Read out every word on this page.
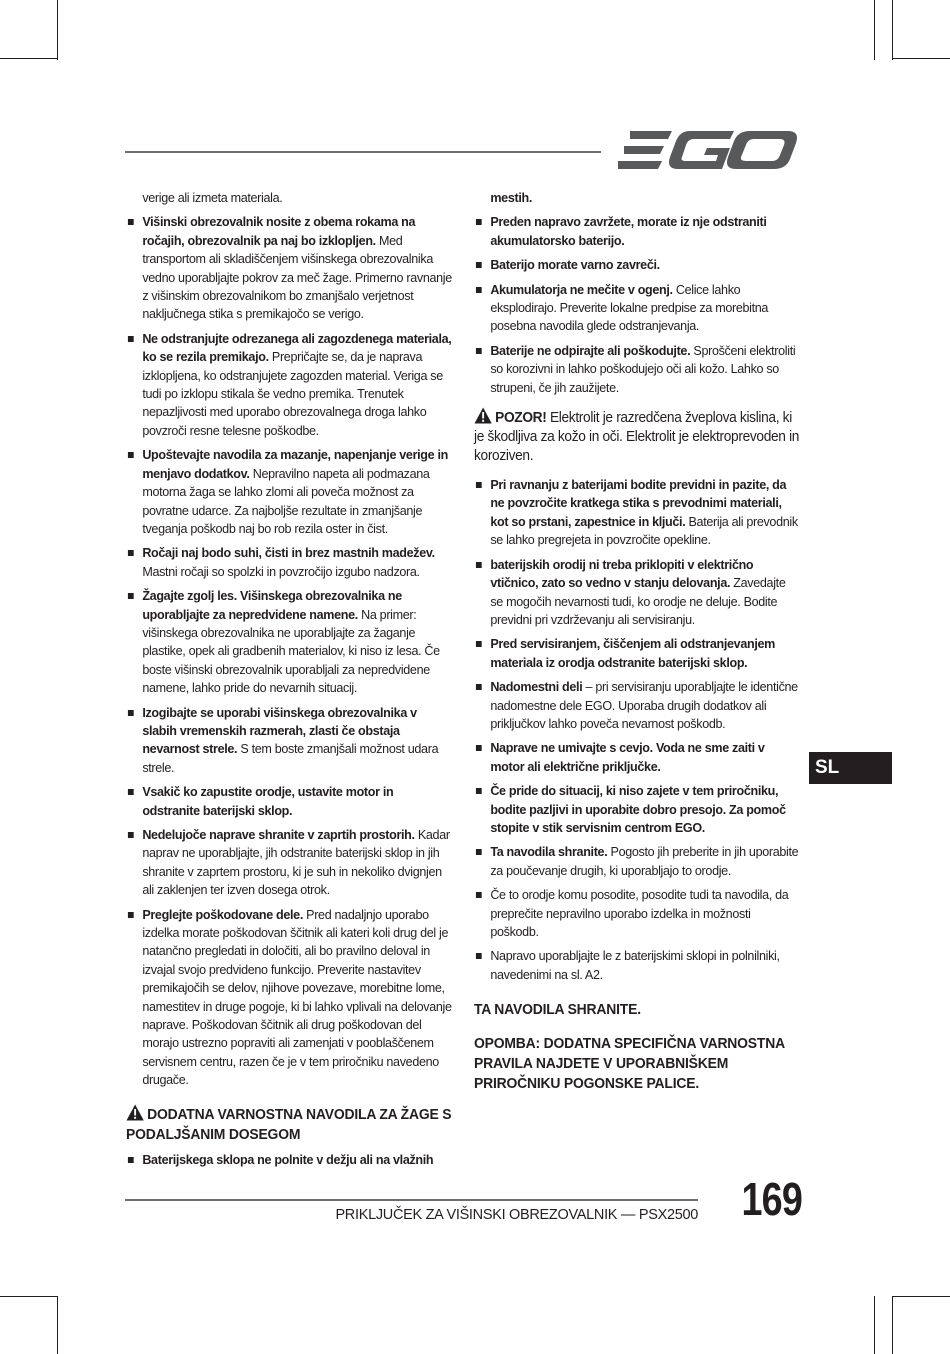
verige ali izmeta materiala.
Višinski obrezovalnik nosite z obema rokama na ročajih, obrezovalnik pa naj bo izklopljen. Med transportom ali skladiščenjem višinskega obrezovalnika vedno uporabljajte pokrov za meč žage. Primerno ravnanje z višinskim obrezovalnikom bo zmanjšalo verjetnost naključnega stika s premikajočo se verigo.
Ne odstranjujte odrezanega ali zagozdenega materiala, ko se rezila premikajo. Prepričajte se, da je naprava izklopljena, ko odstranjujete zagozden material. Veriga se tudi po izklopu stikala še vedno premika. Trenutek nepazljivosti med uporabo obrezovalnega droga lahko povzroči resne telesne poškodbe.
Upoštevajte navodila za mazanje, napenjanje verige in menjavo dodatkov. Nepravilno napeta ali podmazana motorna žaga se lahko zlomi ali poveča možnost za povratne udarce. Za najboljše rezultate in zmanjšanje tveganja poškodb naj bo rob rezila oster in čist.
Ročaji naj bodo suhi, čisti in brez mastnih madežev. Mastni ročaji so spolzki in povzročijo izgubo nadzora.
Žagajte zgolj les. Višinskega obrezovalnika ne uporabljajte za nepredvidene namene. Na primer: višinskega obrezovalnika ne uporabljajte za žaganje plastike, opek ali gradbenih materialov, ki niso iz lesa. Če boste višinski obrezovalnik uporabljali za nepredvidene namene, lahko pride do nevarnih situacij.
Izogibajte se uporabi višinskega obrezovalnika v slabih vremenskih razmerah, zlasti če obstaja nevarnost strele. S tem boste zmanjšali možnost udara strele.
Vsakič ko zapustite orodje, ustavite motor in odstranite baterijski sklop.
Nedelujoče naprave shranite v zaprtih prostorih. Kadar naprav ne uporabljajte, jih odstranite baterijski sklop in jih shranite v zaprtem prostoru, ki je suh in nekoliko dvignjen ali zaklenjen ter izven dosega otrok.
Preglejte poškodovane dele. Pred nadaljnjo uporabo izdelka morate poškodovan ščitnik ali kateri koli drug del je natančno pregledati in določiti, ali bo pravilno deloval in izvajal svojo predvideno funkcijo. Preverite nastavitev premikajočih se delov, njihove povezave, morebitne lome, namestitev in druge pogoje, ki bi lahko vplivali na delovanje naprave. Poškodovan ščitnik ali drug poškodovan del morajo ustrezno popraviti ali zamenjati v pooblaščenem servisnem centru, razen če je v tem priročniku navedeno drugače.
DODATNA VARNOSTNA NAVODILA ZA ŽAGE S PODALJŠANIM DOSEGOM
Baterijskega sklopa ne polnite v dežju ali na vlažnih
mestih.
Preden napravo zavržete, morate iz nje odstraniti akumulatorsko baterijo.
Baterijo morate varno zavreči.
Akumulatorja ne mečite v ogenj. Celice lahko eksplodirajo. Preverite lokalne predpise za morebitna posebna navodila glede odstranjevanja.
Baterije ne odpirajte ali poškodujte. Sproščeni elektroliti so korozivni in lahko poškodujejo oči ali kožo. Lahko so strupeni, če jih zaužijete.
POZOR! Elektrolit je razredčena žveplova kislina, ki je škodljiva za kožo in oči. Elektrolit je elektroprevoden in koroziven.
Pri ravnanju z baterijami bodite previdni in pazite, da ne povzročite kratkega stika s prevodnimi materiali, kot so prstani, zapestnice in ključi. Baterija ali prevodnik se lahko pregrejeta in povzročite opekline.
baterijskih orodij ni treba priklopiti v električno vtičnico, zato so vedno v stanju delovanja. Zavedajte se mogočih nevarnosti tudi, ko orodje ne deluje. Bodite previdni pri vzdrževanju ali servisiranju.
Pred servisiranjem, čiščenjem ali odstranjevanjem materiala iz orodja odstranite baterijski sklop.
Nadomestni deli – pri servisiranju uporabljajte le identične nadomestne dele EGO. Uporaba drugih dodatkov ali priključkov lahko poveča nevarnost poškodb.
Naprave ne umivajte s cevjo. Voda ne sme zaiti v motor ali električne priključke.
Če pride do situacij, ki niso zajete v tem priročniku, bodite pazljivi in uporabite dobro presojo. Za pomoč stopite v stik servisnim centrom EGO.
Ta navodila shranite. Pogosto jih preberite in jih uporabite za poučevanje drugih, ki uporabljajo to orodje.
Če to orodje komu posodite, posodite tudi ta navodila, da preprečite nepravilno uporabo izdelka in možnosti poškodb.
Napravo uporabljajte le z baterijskimi sklopi in polnilniki, navedenimi na sl. A2.
TA NAVODILA SHRANITE.
OPOMBA: DODATNA SPECIFIČNA VARNOSTNA PRAVILA NAJDETE V UPORABNIŠKEM PRIROČNIKU POGONSKE PALICE.
SL
PRIKLJUČEK ZA VIŠINSKI OBREZOVALNIK — PSX2500 169
